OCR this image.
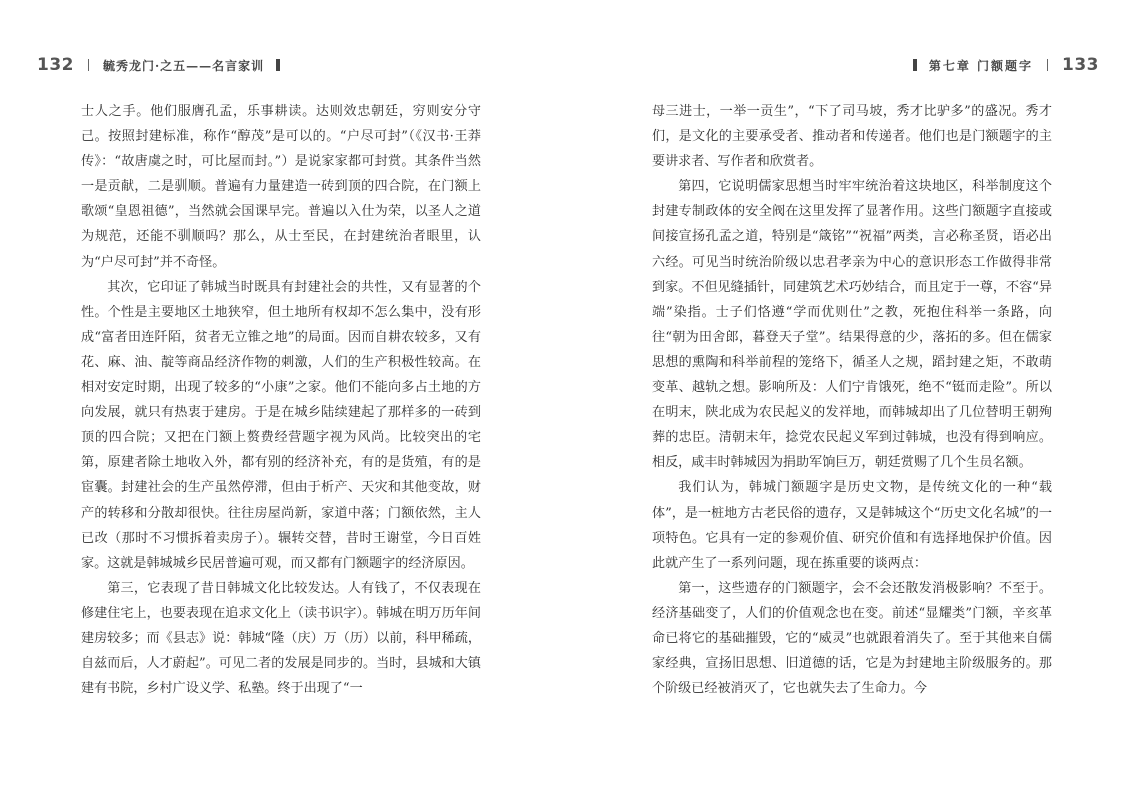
132 毓秀龙门·之五——名言家训

士人之手。他们服膺孔孟，乐事耕读。达则效忠朝廷，穷则安分守己。按照封建标准，称作“醇茂”是可以的。“户尽可封”（《汉书·王莽传》：“故唐虞之时，可比屋而封。”）是说家家都可封赏。其条件当然一是贡献，二是驯顺。普遍有力量建造一砖到顶的四合院，在门额上歌颂“皇恩祖德”，当然就会国课早完。普遍以入仕为荣，以圣人之道为规范，还能不驯顺吗？那么，从士至民，在封建统治者眼里，认为“户尽可封”并不奇怪。

其次，它印证了韩城当时既具有封建社会的共性，又有显著的个性。个性是主要地区土地狭窄，但土地所有权却不怎么集中，没有形成“富者田连阡陌，贫者无立锥之地”的局面。因而自耕农较多，又有花、麻、油、靛等商品经济作物的刺激，人们的生产积极性较高。在相对安定时期，出现了较多的“小康”之家。他们不能向多占土地的方向发展，就只有热衷于建房。于是在城乡陆续建起了那样多的一砖到顶的四合院；又把在门额上赘费经营题字视为风尚。比较突出的宅第，原建者除土地收入外，都有别的经济补充，有的是货殖，有的是宦囊。封建社会的生产虽然停滞，但由于析产、天灾和其他变故，财产的转移和分散却很快。往往房屋尚新，家道中落；门额依然，主人已改（那时不习惯拆着卖房子）。辗转交替，昔时王谢堂，今日百姓家。这就是韩城城乡民居普遍可观，而又都有门额题字的经济原因。

第三，它表现了昔日韩城文化比较发达。人有钱了，不仅表现在修建住宅上，也要表现在追求文化上（读书识字）。韩城在明万历年间建房较多；而《县志》说：韩城“隆（庆）万（历）以前，科甲稀疏，自兹而后，人才蔚起”。可见二者的发展是同步的。当时，县城和大镇建有书院，乡村广设义学、私塾。终于出现了“一

第七章 门额题字 133

母三进士，一举一贡生”，“下了司马坡，秀才比驴多”的盛况。秀才们，是文化的主要承受者、推动者和传递者。他们也是门额题字的主要讲求者、写作者和欣赏者。

第四，它说明儒家思想当时牢牢统治着这块地区，科举制度这个封建专制政体的安全阀在这里发挥了显著作用。这些门额题字直接或间接宣扬孔孟之道，特别是“箴铭”“祝福”两类，言必称圣贤，语必出六经。可见当时统治阶级以忠君孝亲为中心的意识形态工作做得非常到家。不但见缝插针，同建筑艺术巧妙结合，而且定于一尊，不容“异端”染指。士子们恪遵“学而优则仕”之教，死抱住科举一条路，向往“朝为田舍郎，暮登天子堂”。结果得意的少，落拓的多。但在儒家思想的熏陶和科举前程的笼络下，循圣人之规，蹈封建之矩，不敢萌变革、越轨之想。影响所及：人们宁肯饿死，绝不“铤而走险”。所以在明末，陕北成为农民起义的发祥地，而韩城却出了几位替明王朝殉葬的忠臣。清朝末年，捻党农民起义军到过韩城，也没有得到响应。相反，咸丰时韩城因为捐助军饷巨万，朝廷赏赐了几个生员名额。

我们认为，韩城门额题字是历史文物，是传统文化的一种“载体”，是一桩地方古老民俗的遗存，又是韩城这个“历史文化名城”的一项特色。它具有一定的参观价值、研究价值和有选择地保护价值。因此就产生了一系列问题，现在拣重要的谈两点：

第一，这些遗存的门额题字，会不会还散发消极影响？不至于。经济基础变了，人们的价值观念也在变。前述“显耀类”门额，辛亥革命已将它的基础摧毁，它的“威灵”也就跟着消失了。至于其他来自儒家经典，宣扬旧思想、旧道德的话，它是为封建地主阶级服务的。那个阶级已经被消灭了，它也就失去了生命力。今
